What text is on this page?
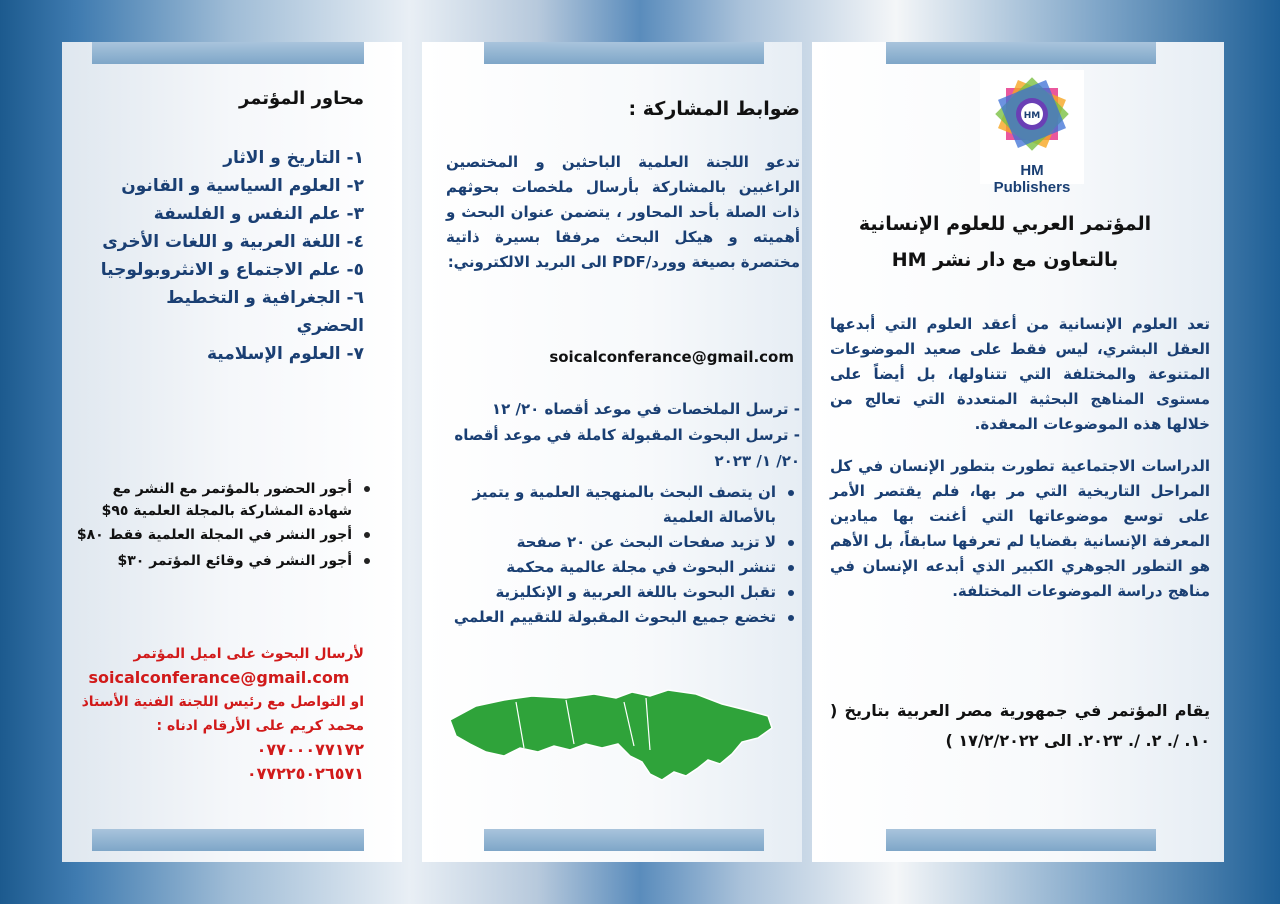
محاور المؤتمر
١- التاريخ و الاثار
٢- العلوم السياسية و القانون
٣- علم النفس و الفلسفة
٤- اللغة العربية و اللغات الأخرى
٥- علم الاجتماع و الانثروبولوجيا
٦- الجغرافية و التخطيط الحضري
٧- العلوم الإسلامية
أجور الحضور بالمؤتمر مع النشر مع شهادة المشاركة بالمجلة العلمية ٩٥$
أجور النشر في المجلة العلمية فقط ٨٠$
أجور النشر في وقائع المؤتمر ٣٠$
لأرسال البحوث على اميل المؤتمر
soicalconferance@gmail.com
او التواصل مع رئيس اللجنة الفنية الأستاذ محمد كريم على الأرقام ادناه :
٠٧٧٠٠٠٧٧١٧٢
٠٧٧٢٢٥٠٢٦٥٧١
ضوابط المشاركة :
تدعو اللجنة العلمية الباحثين و المختصين الراغبين بالمشاركة بأرسال ملخصات بحوثهم ذات الصلة بأحد المحاور ، يتضمن عنوان البحث و أهميته و هيكل البحث مرفقا بسيرة ذاتية مختصرة بصيغة وورد/PDF الى البريد الالكتروني:
soicalconferance@gmail.com
- ترسل الملخصات في موعد أقصاه ٢٠/ ١٢
- ترسل البحوث المقبولة كاملة في موعد أقصاه ٢٠/ ١/ ٢٠٢٣
ان يتصف البحث بالمنهجية العلمية و يتميز بالأصالة العلمية
لا تزيد صفحات البحث عن ٢٠ صفحة
تنشر البحوث في مجلة عالمية محكمة
تقبل البحوث باللغة العربية و الإنكليزية
تخضع جميع البحوث المقبولة للتقييم العلمي
HM
HM Publishers
المؤتمر العربي للعلوم الإنسانية
بالتعاون مع دار نشر HM
تعد العلوم الإنسانية من أعقد العلوم التي أبدعها العقل البشري، ليس فقط على صعيد الموضوعات المتنوعة والمختلفة التي تتناولها، بل أيضاً على مستوى المناهج البحثية المتعددة التي تعالج من خلالها هذه الموضوعات المعقدة.
الدراسات الاجتماعية تطورت بتطور الإنسان في كل المراحل التاريخية التي مر بها، فلم يقتصر الأمر على توسع موضوعاتها التي أغنت بها ميادين المعرفة الإنسانية بقضايا لم تعرفها سابقاً، بل الأهم هو التطور الجوهري الكبير الذي أبدعه الإنسان في مناهج دراسة الموضوعات المختلفة.
يقام المؤتمر في جمهورية مصر العربية بتاريخ ( ١٠. /. ٢. /. ٢٠٢٣. الى ١٧/٢/٢٠٢٢ )
